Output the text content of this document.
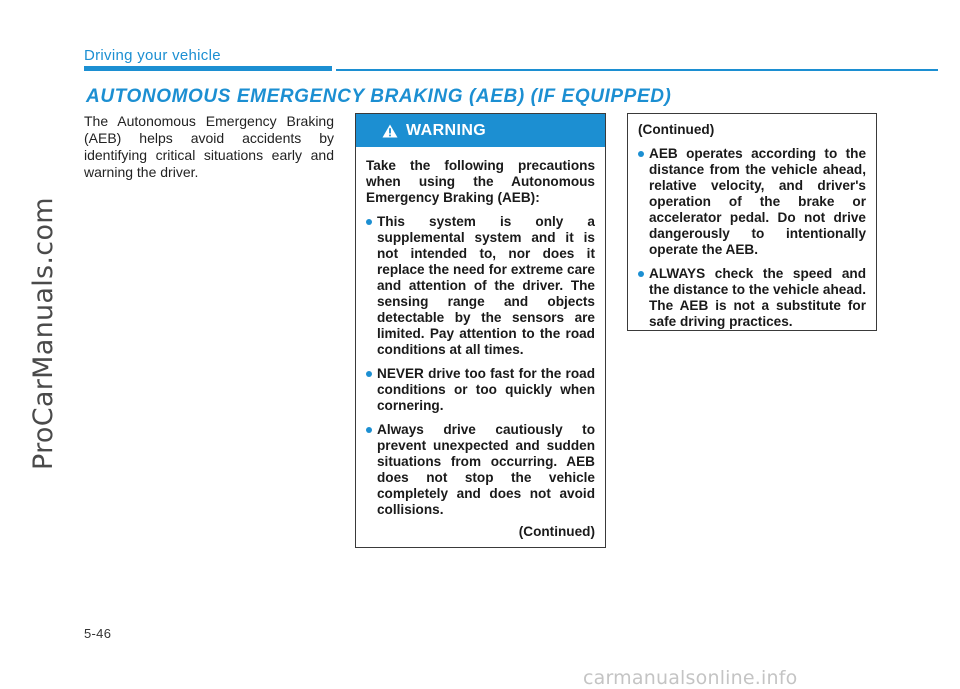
ProCarManuals.com
Driving your vehicle
AUTONOMOUS EMERGENCY BRAKING (AEB) (IF EQUIPPED)
The Autonomous Emergency Braking (AEB) helps avoid accidents by identifying critical situations early and warning the driver.
WARNING

Take the following precautions when using the Autonomous Emergency Braking (AEB):

This system is only a supplemental system and it is not intended to, nor does it replace the need for extreme care and attention of the driver. The sensing range and objects detectable by the sensors are limited. Pay attention to the road conditions at all times.
NEVER drive too fast for the road conditions or too quickly when cornering.
Always drive cautiously to prevent unexpected and sudden situations from occurring. AEB does not stop the vehicle completely and does not avoid collisions.
(Continued)

(Continued)

AEB operates according to the distance from the vehicle ahead, relative velocity, and driver's operation of the brake or accelerator pedal. Do not drive dangerously to intentionally operate the AEB.
ALWAYS check the speed and the distance to the vehicle ahead. The AEB is not a substitute for safe driving practices.
5-46
carmanualsonline.info
